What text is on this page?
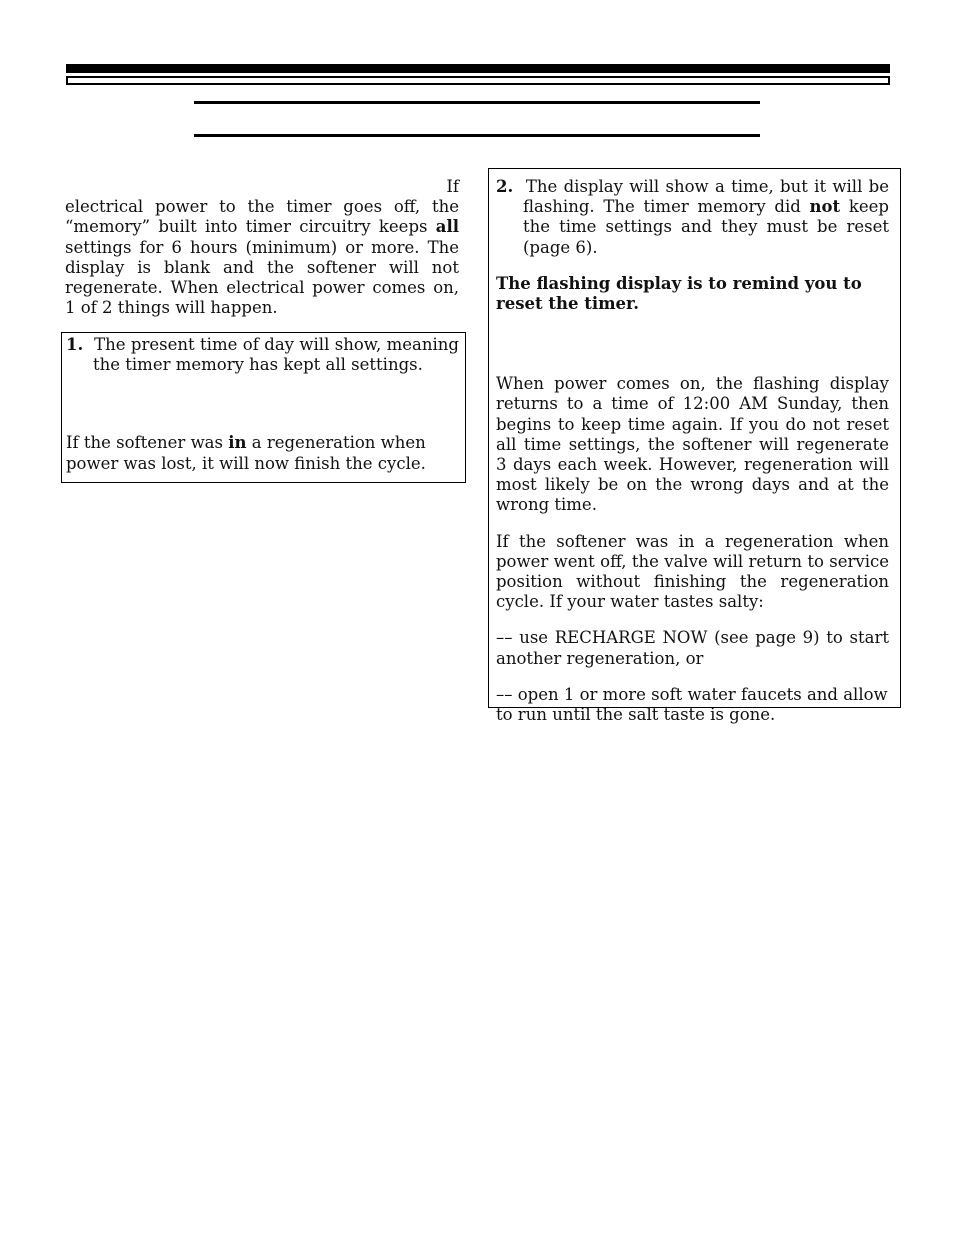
If

electrical power to the timer goes off, the “memory” built into timer circuitry keeps all settings for 6 hours (minimum) or more. The display is blank and the softener will not regenerate. When electrical power comes on, 1 of 2 things will happen.

1. The present time of day will show, meaning the timer memory has kept all settings.

If the softener was in a regeneration when power was lost, it will now finish the cycle.

2. The display will show a time, but it will be flashing. The timer memory did not keep the time settings and they must be reset (page 6).

The flashing display is to remind you to reset the timer.

When power comes on, the flashing display returns to a time of 12:00 AM Sunday, then begins to keep time again. If you do not reset all time settings, the softener will regenerate 3 days each week. However, regeneration will most likely be on the wrong days and at the wrong time.

If the softener was in a regeneration when power went off, the valve will return to service position without finishing the regeneration cycle. If your water tastes salty:

–– use RECHARGE NOW (see page 9) to start another regeneration, or

–– open 1 or more soft water faucets and allow to run until the salt taste is gone.
